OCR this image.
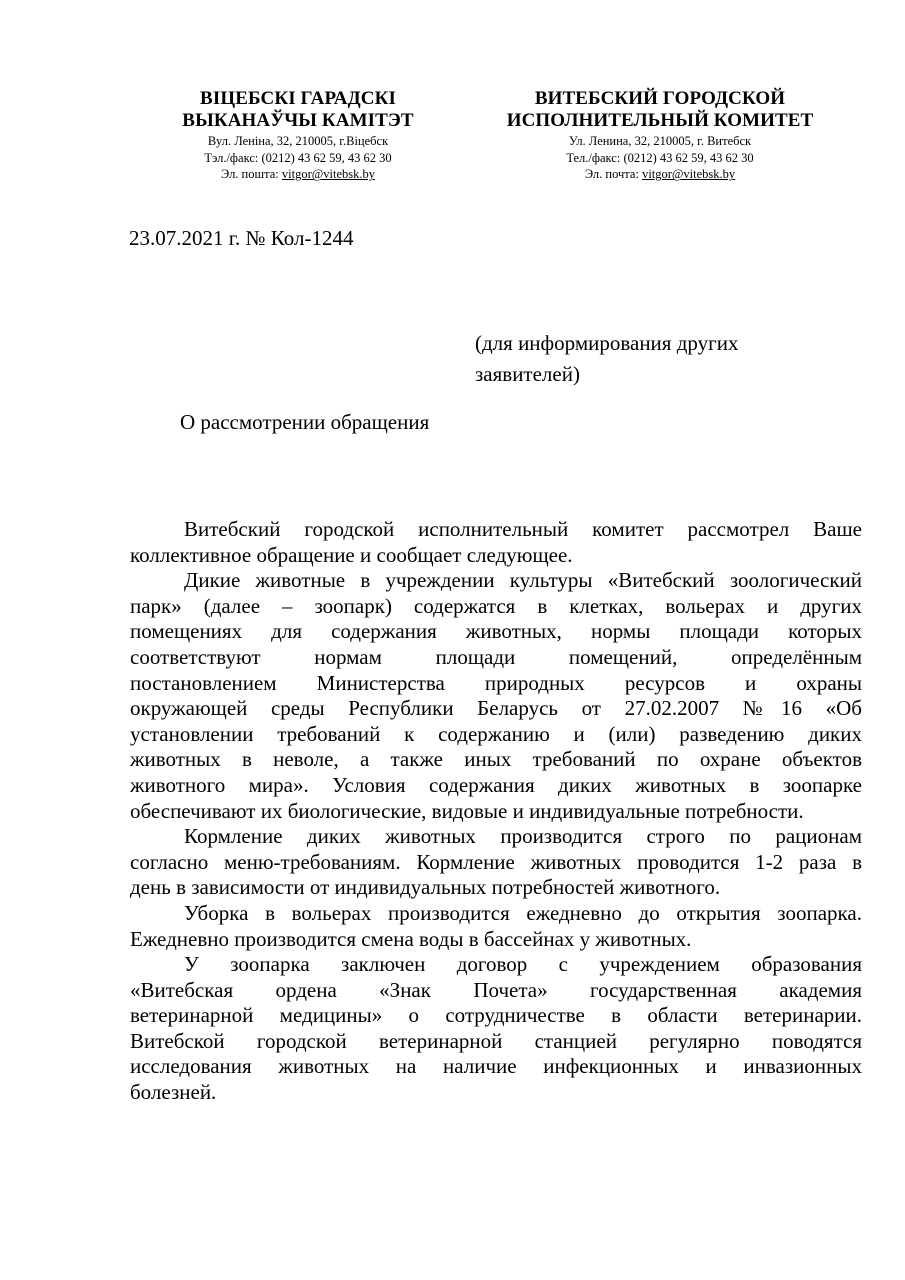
ВІЦЕБСКІ ГАРАДСКІ
ВЫКАНАЎЧЫ КАМІТЭТ
Вул. Леніна, 32, 210005, г.Віцебск
Тэл./факс: (0212) 43 62 59, 43 62 30
Эл. пошта: vitgor@vitebsk.by
ВИТЕБСКИЙ ГОРОДСКОЙ
ИСПОЛНИТЕЛЬНЫЙ КОМИТЕТ
Ул. Ленина, 32, 210005, г. Витебск
Тел./факс: (0212) 43 62 59, 43 62 30
Эл. почта: vitgor@vitebsk.by
23.07.2021 г. № Кол-1244
(для информирования других
заявителей)
О рассмотрении обращения
Витебский городской исполнительный комитет рассмотрел Ваше
коллективное обращение и сообщает следующее.
Дикие животные в учреждении культуры «Витебский зоологический
парк» (далее – зоопарк) содержатся в клетках, вольерах и других
помещениях для содержания животных, нормы площади которых
соответствуют нормам площади помещений, определённым
постановлением Министерства природных ресурсов и охраны
окружающей среды Республики Беларусь от 27.02.2007 №16 «Об
установлении требований к содержанию и (или) разведению диких
животных в неволе, а также иных требований по охране объектов
животного мира». Условия содержания диких животных в зоопарке
обеспечивают их биологические, видовые и индивидуальные потребности.
Кормление диких животных производится строго по рационам
согласно меню-требованиям. Кормление животных проводится 1-2 раза в
день в зависимости от индивидуальных потребностей животного.
Уборка в вольерах производится ежедневно до открытия зоопарка.
Ежедневно производится смена воды в бассейнах у животных.
У зоопарка заключен договор с учреждением образования
«Витебская ордена «Знак Почета» государственная академия
ветеринарной медицины» о сотрудничестве в области ветеринарии.
Витебской городской ветеринарной станцией регулярно поводятся
исследования животных на наличие инфекционных и инвазионных
болезней.
